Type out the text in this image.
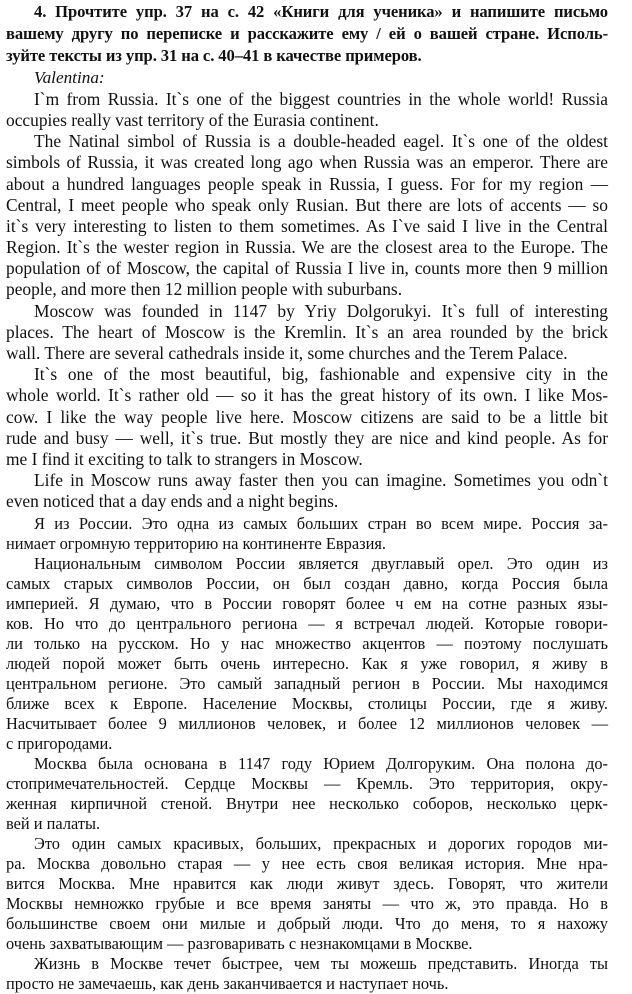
4. Прочтите упр. 37 на с. 42 «Книги для ученика» и напишите письмо
вашему другу по переписке и расскажите ему / ей о вашей стране. Исполь-
зуйте тексты из упр. 31 на с. 40–41 в качестве примеров.
Valentina:
I`m from Russia. It`s one of the biggest countries in the whole world! Russia
occupies really vast territory of the Eurasia continent.
The Natinal simbol of Russia is a double-headed eagel. It`s one of the oldest
simbols of Russia, it was created long ago when Russia was an emperor. There are
about a hundred languages people speak in Russia, I guess. For for my region —
Central, I meet people who speak only Rusian. But there are lots of accents — so
it`s very interesting to listen to them sometimes. As I`ve said I live in the Central
Region. It`s the wester region in Russia. We are the closest area to the Europe. The
population of of Moscow, the capital of Russia I live in, counts more then 9 million
people, and more then 12 million people with suburbans.
Moscow was founded in 1147 by Yriy Dolgorukyi. It`s full of interesting
places. The heart of Moscow is the Kremlin. It`s an area rounded by the brick
wall. There are several cathedrals inside it, some churches and the Terem Palace.
It`s one of the most beautiful, big, fashionable and expensive city in the
whole world. It`s rather old — so it has the great history of its own. I like Mos-
cow. I like the way people live here. Moscow citizens are said to be a little bit
rude and busy — well, it`s true. But mostly they are nice and kind people. As for
me I find it exciting to talk to strangers in Moscow.
Life in Moscow runs away faster then you can imagine. Sometimes you odn`t
even noticed that a day ends and a night begins.
Я из России. Это одна из самых больших стран во всем мире. Россия за-
нимает огромную территорию на континенте Евразия.
Национальным символом России является двуглавый орел. Это один из
самых старых символов России, он был создан давно, когда Россия была
империей. Я думаю, что в России говорят более ч ем на сотне разных язы-
ков. Но что до центрального региона — я встречал людей. Которые говори-
ли только на русском. Но у нас множество акцентов — поэтому послушать
людей порой может быть очень интересно. Как я уже говорил, я живу в
центральном регионе. Это самый западный регион в России. Мы находимся
ближе всех к Европе. Население Москвы, столицы России, где я живу.
Насчитывает более 9 миллионов человек, и более 12 миллионов человек —
с пригородами.
Москва была основана в 1147 году Юрием Долгоруким. Она полона до-
стопримечательностей. Сердце Москвы — Кремль. Это территория, окру-
женная кирпичной стеной. Внутри нее несколько соборов, несколько церк-
вей и палаты.
Это один самых красивых, больших, прекрасных и дорогих городов ми-
ра. Москва довольно старая — у нее есть своя великая история. Мне нра-
вится Москва. Мне нравится как люди живут здесь. Говорят, что жители
Москвы немножко грубые и все время заняты — что ж, это правда. Но в
большинстве своем они милые и добрый люди. Что до меня, то я нахожу
очень захватывающим — разговаривать с незнакомцами в Москве.
Жизнь в Москве течет быстрее, чем ты можешь представить. Иногда ты
просто не замечаешь, как день заканчивается и наступает ночь.
